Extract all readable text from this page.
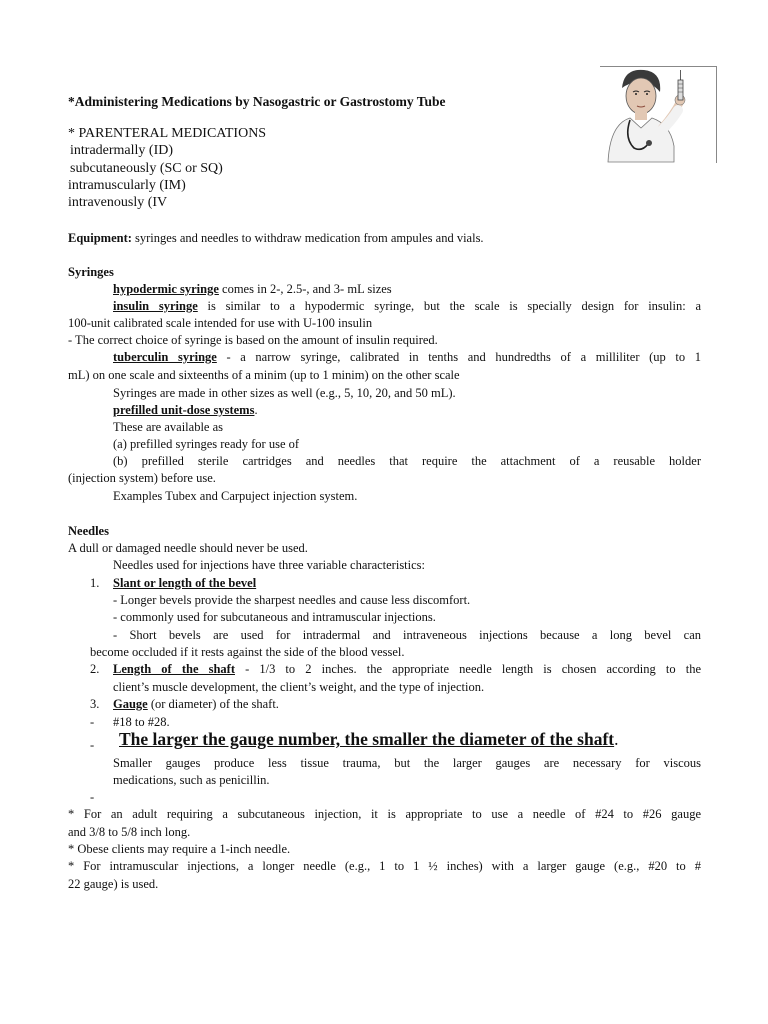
*Administering Medications by Nasogastric or Gastrostomy Tube
* PARENTERAL MEDICATIONS
intradermally (ID)
subcutaneously (SC or SQ)
intramuscularly (IM)
intravenously (IV
Equipment: syringes and needles to withdraw medication from ampules and vials.
Syringes
hypodermic syringe comes in 2-, 2.5-, and 3- mL sizes
insulin syringe is similar to a hypodermic syringe, but the scale is specially design for insulin: a
100-unit calibrated scale intended for use with U-100 insulin
- The correct choice of syringe is based on the amount of insulin required.
tuberculin syringe - a narrow syringe, calibrated in tenths and hundredths of a milliliter (up to 1
mL) on one scale and sixteenths of a minim (up to 1 minim) on the other scale
Syringes are made in other sizes as well (e.g., 5, 10, 20, and 50 mL).
prefilled unit-dose systems.
These are available as
(a) prefilled syringes ready for use of
(b) prefilled sterile cartridges and needles that require the attachment of a reusable holder
(injection system) before use.
Examples Tubex and Carpuject injection system.
Needles
A dull or damaged needle should never be used.
Needles used for injections have three variable characteristics:
1. Slant or length of the bevel
- Longer bevels provide the sharpest needles and cause less discomfort.
- commonly used for subcutaneous and intramuscular injections.
- Short bevels are used for intradermal and intraveneous injections because a long bevel can
become occluded if it rests against the side of the blood vessel.
2. Length of the shaft - 1/3 to 2 inches. the appropriate needle length is chosen according to the
client’s muscle development, the client’s weight, and the type of injection.
3. Gauge (or diameter) of the shaft.
- #18 to #28.
- The larger the gauge number, the smaller the diameter of the shaft.
Smaller gauges produce less tissue trauma, but the larger gauges are necessary for viscous
medications, such as penicillin.
-
* For an adult requiring a subcutaneous injection, it is appropriate to use a needle of #24 to #26 gauge
and 3/8 to 5/8 inch long.
* Obese clients may require a 1-inch needle.
* For intramuscular injections, a longer needle (e.g., 1 to 1 ½ inches) with a larger gauge (e.g., #20 to #
22 gauge) is used.
